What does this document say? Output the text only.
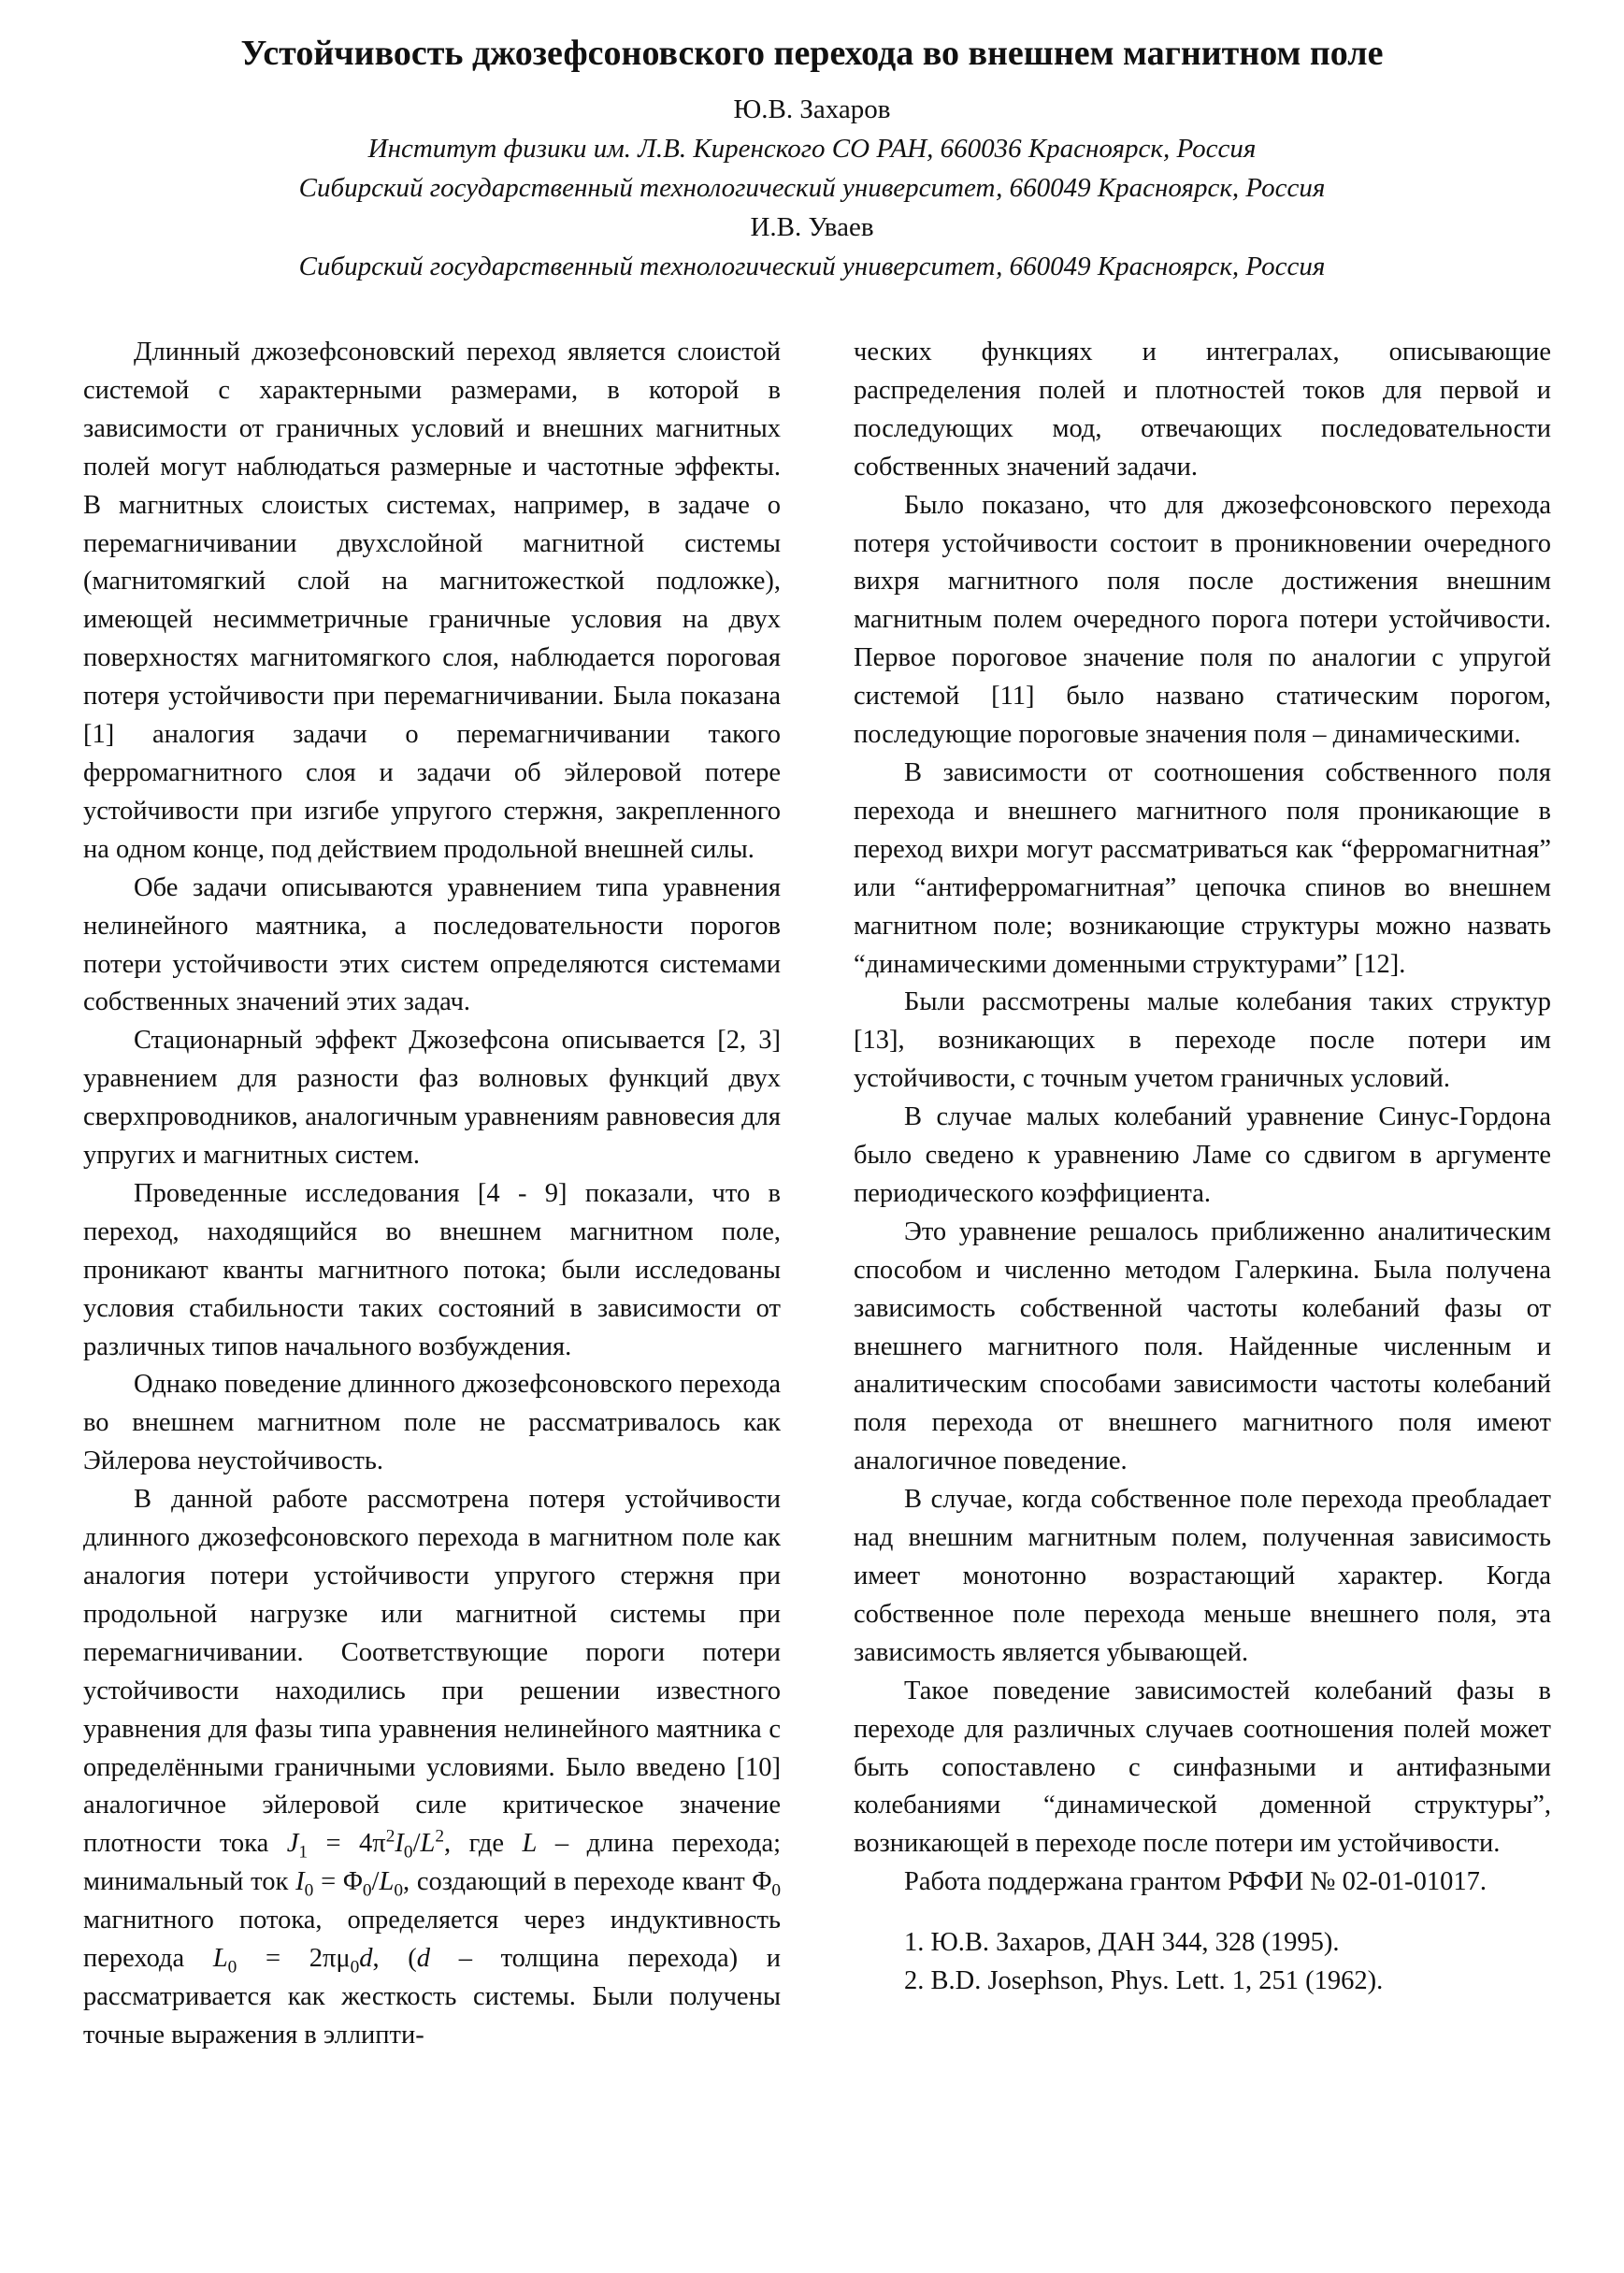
Устойчивость джозефсоновского перехода во внешнем магнитном поле
Ю.В. Захаров
Институт физики им. Л.В. Киренского СО РАН, 660036 Красноярск, Россия
Сибирский государственный технологический университет, 660049 Красноярск, Россия
И.В. Уваев
Сибирский государственный технологический университет, 660049 Красноярск, Россия

Длинный джозефсоновский переход является слоистой системой с характерными размерами, в которой в зависимости от граничных условий и внешних магнитных полей могут наблюдаться размерные и частотные эффекты. В магнитных слоистых системах, например, в задаче о перемагничивании двухслойной магнитной системы (магнитомягкий слой на магнитожесткой подложке), имеющей несимметричные граничные условия на двух поверхностях магнитомягкого слоя, наблюдается пороговая потеря устойчивости при перемагничивании. Была показана [1] аналогия задачи о перемагничивании такого ферромагнитного слоя и задачи об эйлеровой потере устойчивости при изгибе упругого стержня, закрепленного на одном конце, под действием продольной внешней силы.

Обе задачи описываются уравнением типа уравнения нелинейного маятника, а последовательности порогов потери устойчивости этих систем определяются системами собственных значений этих задач.

Стационарный эффект Джозефсона описывается [2, 3] уравнением для разности фаз волновых функций двух сверхпроводников, аналогичным уравнениям равновесия для упругих и магнитных систем.

Проведенные исследования [4 - 9] показали, что в переход, находящийся во внешнем магнитном поле, проникают кванты магнитного потока; были исследованы условия стабильности таких состояний в зависимости от различных типов начального возбуждения.

Однако поведение длинного джозефсоновского перехода во внешнем магнитном поле не рассматривалось как Эйлерова неустойчивость.

В данной работе рассмотрена потеря устойчивости длинного джозефсоновского перехода в магнитном поле как аналогия потери устойчивости упругого стержня при продольной нагрузке или магнитной системы при перемагничивании. Соответствующие пороги потери устойчивости находились при решении известного уравнения для фазы типа уравнения нелинейного маятника с определёнными граничными условиями. Было введено [10] аналогичное эйлеровой силе критическое значение плотности тока $J_1 = 4\pi^2I_0/L^2$, где L – длина перехода; минимальный ток $I_0 = \Phi_0/L_0$, создающий в переходе квант $\Phi_0$ магнитного потока, определяется через индуктивность перехода $L_0 = 2\pi\mu_0d$, (d – толщина перехода) и рассматривается как жесткость системы. Были получены точные выражения в эллипти-

ческих функциях и интегралах, описывающие распределения полей и плотностей токов для первой и последующих мод, отвечающих последовательности собственных значений задачи.

Было показано, что для джозефсоновского перехода потеря устойчивости состоит в проникновении очередного вихря магнитного поля после достижения внешним магнитным полем очередного порога потери устойчивости. Первое пороговое значение поля по аналогии с упругой системой [11] было названо статическим порогом, последующие пороговые значения поля – динамическими.

В зависимости от соотношения собственного поля перехода и внешнего магнитного поля проникающие в переход вихри могут рассматриваться как “ферромагнитная” или “антиферромагнитная” цепочка спинов во внешнем магнитном поле; возникающие структуры можно назвать “динамическими доменными структурами” [12].

Были рассмотрены малые колебания таких структур [13], возникающих в переходе после потери им устойчивости, с точным учетом граничных условий.

В случае малых колебаний уравнение Синус-Гордона было сведено к уравнению Ламе со сдвигом в аргументе периодического коэффициента.

Это уравнение решалось приближенно аналитическим способом и численно методом Галеркина. Была получена зависимость собственной частоты колебаний фазы от внешнего магнитного поля. Найденные численным и аналитическим способами зависимости частоты колебаний поля перехода от внешнего магнитного поля имеют аналогичное поведение.

В случае, когда собственное поле перехода преобладает над внешним магнитным полем, полученная зависимость имеет монотонно возрастающий характер. Когда собственное поле перехода меньше внешнего поля, эта зависимость является убывающей.

Такое поведение зависимостей колебаний фазы в переходе для различных случаев соотношения полей может быть сопоставлено с синфазными и антифазными колебаниями “динамической доменной структуры”, возникающей в переходе после потери им устойчивости.

Работа поддержана грантом РФФИ № 02-01-01017.

1. Ю.В. Захаров, ДАН 344, 328 (1995).

2. B.D. Josephson, Phys. Lett. 1, 251 (1962).
